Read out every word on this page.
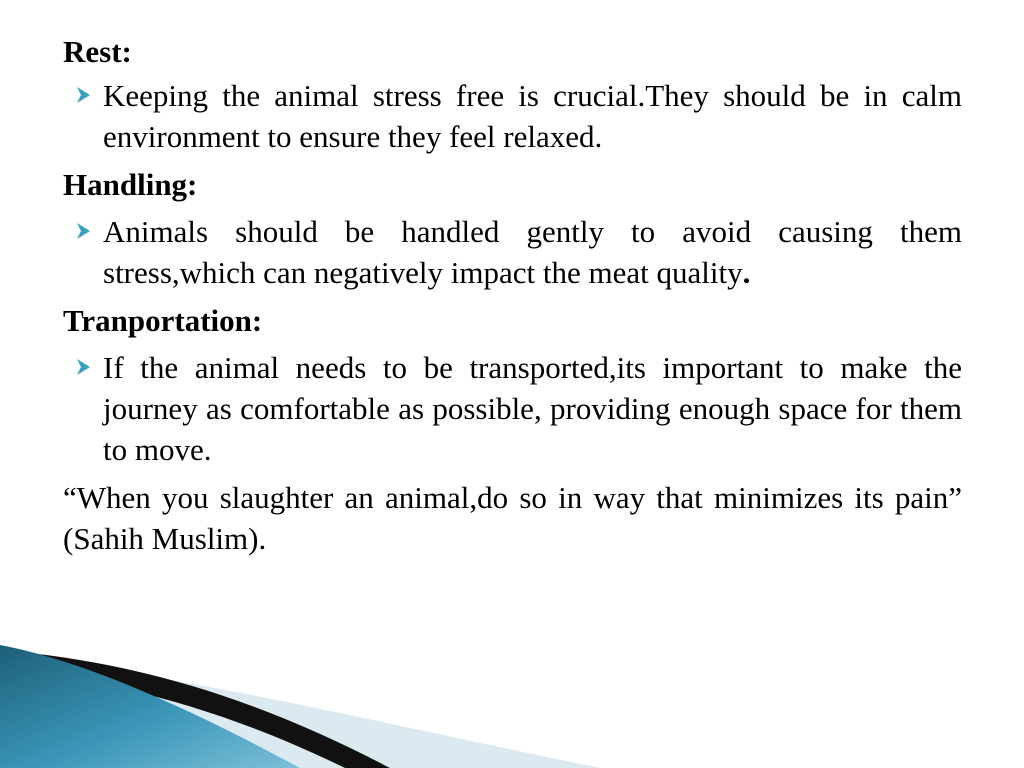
Rest:

Keeping the animal stress free is crucial.They should be in calm environment to ensure they feel relaxed.

Handling:

Animals should be handled gently to avoid causing them stress,which can negatively impact the meat quality.

Tranportation:

If the animal needs to be transported,its important to make the journey as comfortable as possible, providing enough space for them to move.

“When you slaughter an animal,do so in way that minimizes its pain” (Sahih Muslim).
